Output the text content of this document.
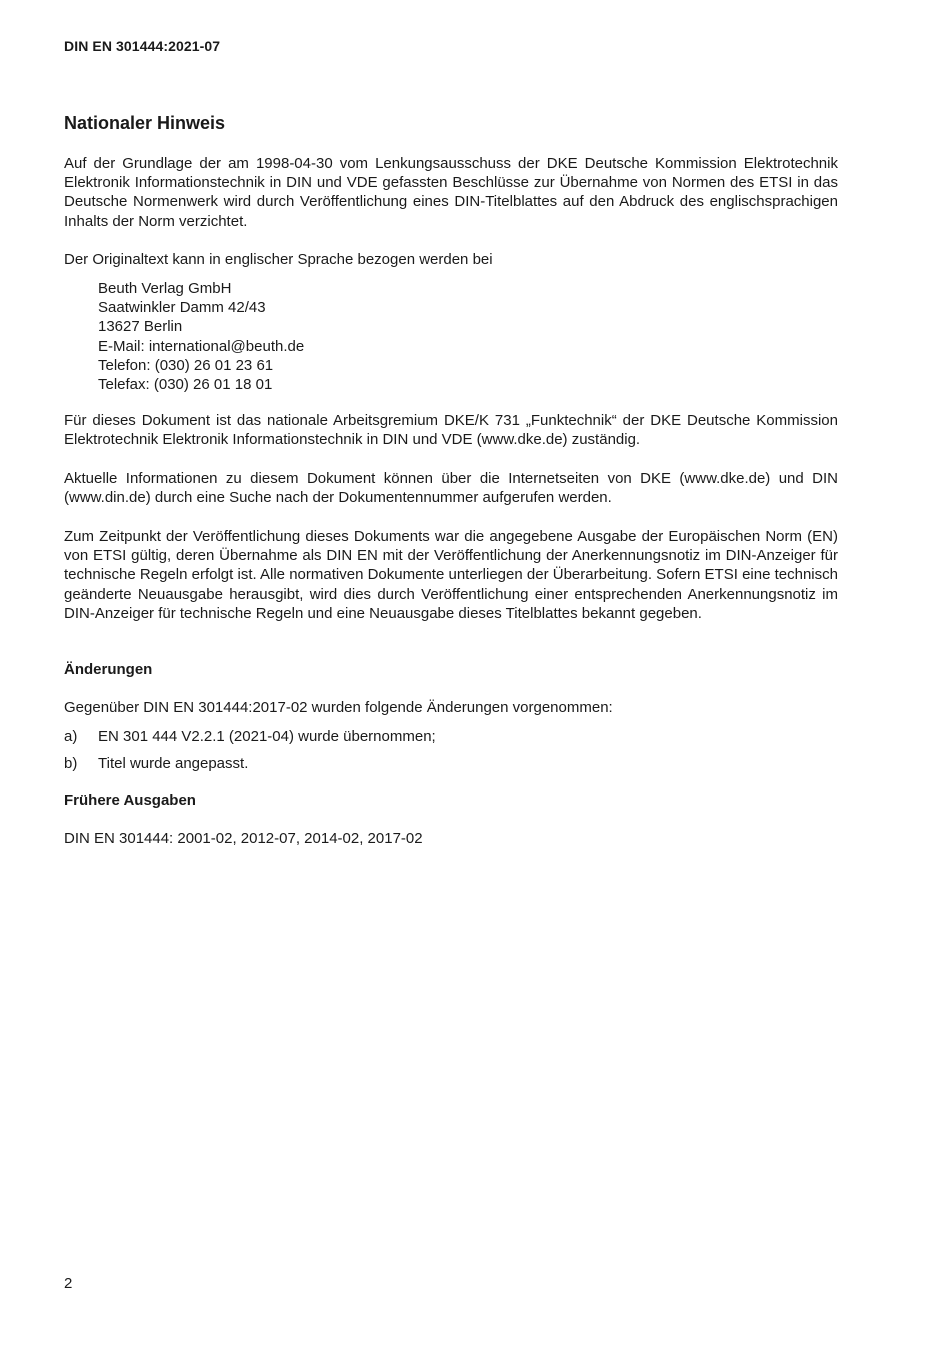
DIN EN 301444:2021-07
Nationaler Hinweis

Auf der Grundlage der am 1998-04-30 vom Lenkungsausschuss der DKE Deutsche Kommission Elektrotechnik Elektronik Informationstechnik in DIN und VDE gefassten Beschlüsse zur Übernahme von Normen des ETSI in das Deutsche Normenwerk wird durch Veröffentlichung eines DIN-Titelblattes auf den Abdruck des englischsprachigen Inhalts der Norm verzichtet.

Der Originaltext kann in englischer Sprache bezogen werden bei

Beuth Verlag GmbH
Saatwinkler Damm 42/43
13627 Berlin
E-Mail: international@beuth.de
Telefon: (030) 26 01 23 61
Telefax: (030) 26 01 18 01

Für dieses Dokument ist das nationale Arbeitsgremium DKE/K 731 „Funktechnik“ der DKE Deutsche Kommission Elektrotechnik Elektronik Informationstechnik in DIN und VDE (www.dke.de) zuständig.

Aktuelle Informationen zu diesem Dokument können über die Internetseiten von DKE (www.dke.de) und DIN (www.din.de) durch eine Suche nach der Dokumentennummer aufgerufen werden.

Zum Zeitpunkt der Veröffentlichung dieses Dokuments war die angegebene Ausgabe der Europäischen Norm (EN) von ETSI gültig, deren Übernahme als DIN EN mit der Veröffentlichung der Anerkennungsnotiz im DIN-Anzeiger für technische Regeln erfolgt ist. Alle normativen Dokumente unterliegen der Überarbeitung. Sofern ETSI eine technisch geänderte Neuausgabe herausgibt, wird dies durch Veröffentlichung einer entsprechenden Anerkennungsnotiz im DIN-Anzeiger für technische Regeln und eine Neuausgabe dieses Titelblattes bekannt gegeben.

Änderungen

Gegenüber DIN EN 301444:2017-02 wurden folgende Änderungen vorgenommen:

a) EN 301 444 V2.2.1 (2021-04) wurde übernommen;
b) Titel wurde angepasst.
Frühere Ausgaben

DIN EN 301444: 2001-02, 2012-07, 2014-02, 2017-02

2
